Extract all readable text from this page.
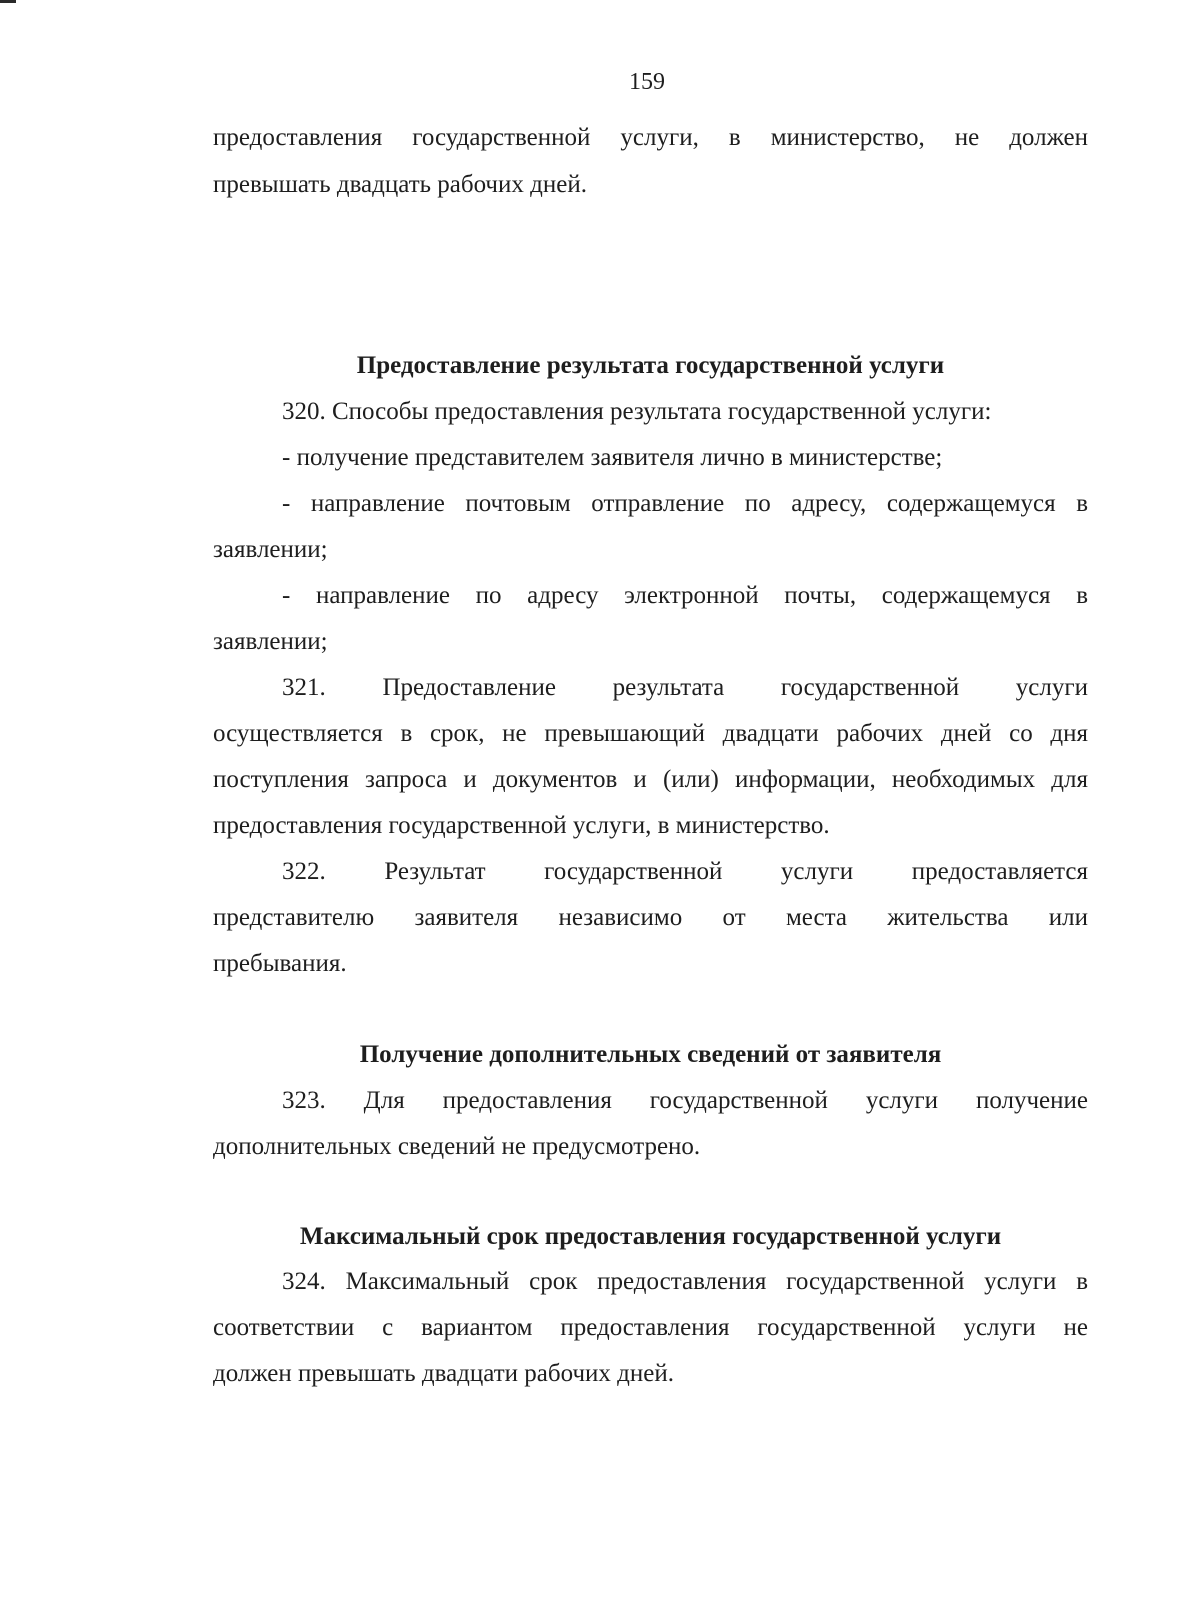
159
предоставления государственной услуги, в министерство, не должен
превышать двадцать рабочих дней.
Предоставление результата государственной услуги
320. Способы предоставления результата государственной услуги:
- получение представителем заявителя лично в министерстве;
- направление почтовым отправление по адресу, содержащемуся в
заявлении;
- направление по адресу электронной почты, содержащемуся в
заявлении;
321. Предоставление результата государственной услуги
осуществляется в срок, не превышающий двадцати рабочих дней со дня
поступления запроса и документов и (или) информации, необходимых для
предоставления государственной услуги, в министерство.
322. Результат государственной услуги предоставляется
представителю заявителя независимо от места жительства или
пребывания.
Получение дополнительных сведений от заявителя
323. Для предоставления государственной услуги получение
дополнительных сведений не предусмотрено.
Максимальный срок предоставления государственной услуги
324. Максимальный срок предоставления государственной услуги в
соответствии с вариантом предоставления государственной услуги не
должен превышать двадцати рабочих дней.
